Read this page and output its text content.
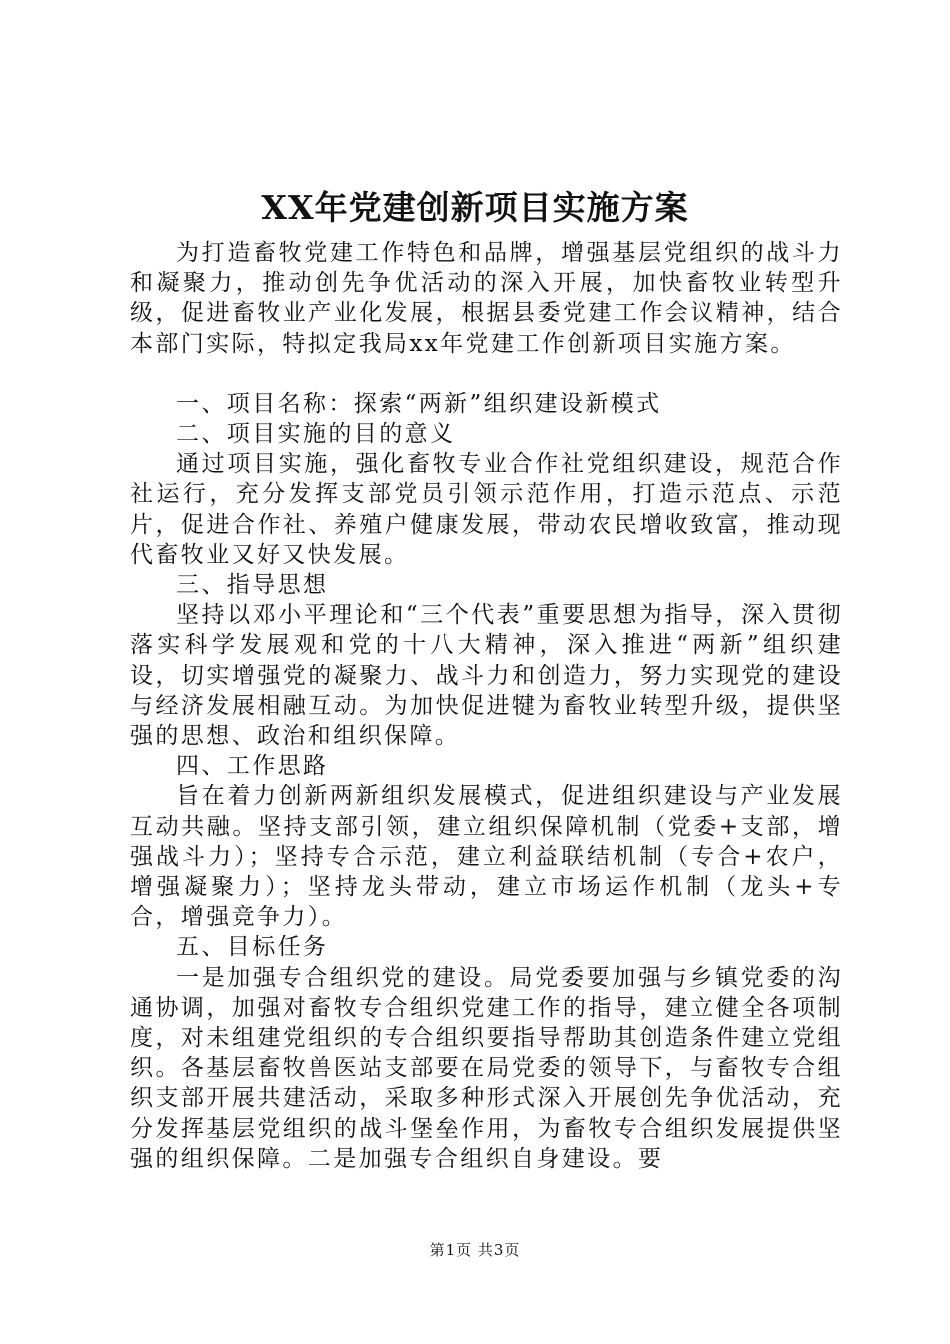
XX年党建创新项目实施方案

为打造畜牧党建工作特色和品牌，增强基层党组织的战斗力和凝聚力，推动创先争优活动的深入开展，加快畜牧业转型升级，促进畜牧业产业化发展，根据县委党建工作会议精神，结合本部门实际，特拟定我局xx年党建工作创新项目实施方案。

一、项目名称：探索“两新”组织建设新模式

二、项目实施的目的意义

通过项目实施，强化畜牧专业合作社党组织建设，规范合作社运行，充分发挥支部党员引领示范作用，打造示范点、示范片，促进合作社、养殖户健康发展，带动农民增收致富，推动现代畜牧业又好又快发展。

三、指导思想

坚持以邓小平理论和“三个代表”重要思想为指导，深入贯彻落实科学发展观和党的十八大精神，深入推进“两新”组织建设，切实增强党的凝聚力、战斗力和创造力，努力实现党的建设与经济发展相融互动。为加快促进犍为畜牧业转型升级，提供坚强的思想、政治和组织保障。

四、工作思路

旨在着力创新两新组织发展模式，促进组织建设与产业发展互动共融。坚持支部引领，建立组织保障机制（党委+支部，增强战斗力）；坚持专合示范，建立利益联结机制（专合+农户，增强凝聚力）；坚持龙头带动，建立市场运作机制（龙头+专合，增强竞争力）。

五、目标任务

一是加强专合组织党的建设。局党委要加强与乡镇党委的沟通协调，加强对畜牧专合组织党建工作的指导，建立健全各项制度，对未组建党组织的专合组织要指导帮助其创造条件建立党组织。各基层畜牧兽医站支部要在局党委的领导下，与畜牧专合组织支部开展共建活动，采取多种形式深入开展创先争优活动，充分发挥基层党组织的战斗堡垒作用，为畜牧专合组织发展提供坚强的组织保障。二是加强专合组织自身建设。要

第1页 共3页
